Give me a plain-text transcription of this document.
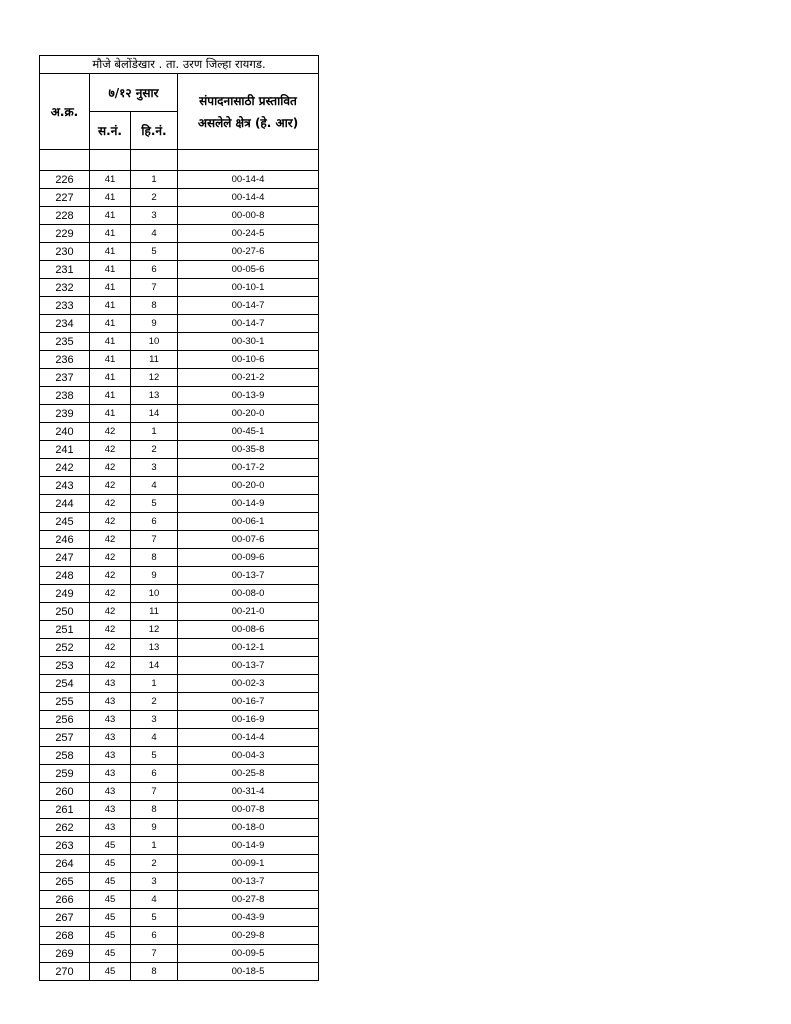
मौजे बेलोंडेखार . ता. उरण जिल्हा रायगड.			
अ.क्र.	७/१२ नुसार		संपादनासाठी प्रस्तावित
असलेले क्षेत्र (हे. आर)

	स.नं.	हि.नं.	

226	41	1	00-14-4
227	41	2	00-14-4
228	41	3	00-00-8
229	41	4	00-24-5
230	41	5	00-27-6
231	41	6	00-05-6
232	41	7	00-10-1
233	41	8	00-14-7
234	41	9	00-14-7
235	41	10	00-30-1
236	41	11	00-10-6
237	41	12	00-21-2
238	41	13	00-13-9
239	41	14	00-20-0
240	42	1	00-45-1
241	42	2	00-35-8
242	42	3	00-17-2
243	42	4	00-20-0
244	42	5	00-14-9
245	42	6	00-06-1
246	42	7	00-07-6
247	42	8	00-09-6
248	42	9	00-13-7
249	42	10	00-08-0
250	42	11	00-21-0
251	42	12	00-08-6
252	42	13	00-12-1
253	42	14	00-13-7
254	43	1	00-02-3
255	43	2	00-16-7
256	43	3	00-16-9
257	43	4	00-14-4
258	43	5	00-04-3
259	43	6	00-25-8
260	43	7	00-31-4
261	43	8	00-07-8
262	43	9	00-18-0
263	45	1	00-14-9
264	45	2	00-09-1
265	45	3	00-13-7
266	45	4	00-27-8
267	45	5	00-43-9
268	45	6	00-29-8
269	45	7	00-09-5
270	45	8	00-18-5
